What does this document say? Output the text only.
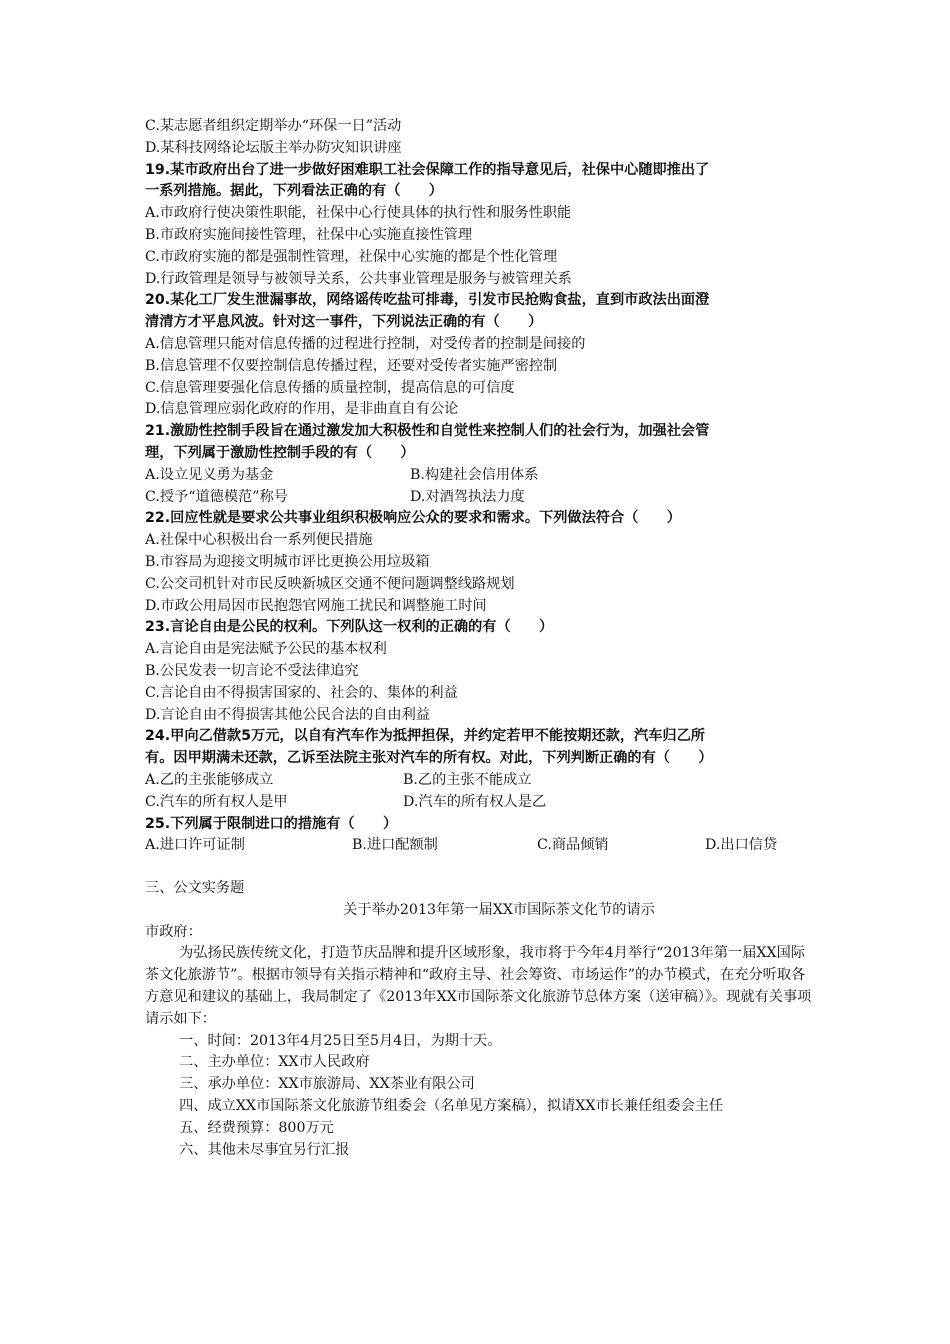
C.某志愿者组织定期举办“环保一日”活动
D.某科技网络论坛版主举办防灾知识讲座
19.某市政府出台了进一步做好困难职工社会保障工作的指导意见后，社保中心随即推出了
一系列措施。据此，下列看法正确的有（　　）
A.市政府行使决策性职能，社保中心行使具体的执行性和服务性职能
B.市政府实施间接性管理，社保中心实施直接性管理
C.市政府实施的都是强制性管理，社保中心实施的都是个性化管理
D.行政管理是领导与被领导关系，公共事业管理是服务与被管理关系
20.某化工厂发生泄漏事故，网络谣传吃盐可排毒，引发市民抢购食盐，直到市政法出面澄
清清方才平息风波。针对这一事件，下列说法正确的有（　　）
A.信息管理只能对信息传播的过程进行控制，对受传者的控制是间接的
B.信息管理不仅要控制信息传播过程，还要对受传者实施严密控制
C.信息管理要强化信息传播的质量控制，提高信息的可信度
D.信息管理应弱化政府的作用，是非曲直自有公论
21.激励性控制手段旨在通过激发加大积极性和自觉性来控制人们的社会行为，加强社会管
理，下列属于激励性控制手段的有（　　）
A.设立见义勇为基金	B.构建社会信用体系
C.授予“道德模范”称号	D.对酒驾执法力度
22.回应性就是要求公共事业组织积极响应公众的要求和需求。下列做法符合（　　）
A.社保中心积极出台一系列便民措施
B.市容局为迎接文明城市评比更换公用垃圾箱
C.公交司机针对市民反映新城区交通不便问题调整线路规划
D.市政公用局因市民抱怨官网施工扰民和调整施工时间
23.言论自由是公民的权利。下列队这一权利的正确的有（　　）
A.言论自由是宪法赋予公民的基本权利
B.公民发表一切言论不受法律追究
C.言论自由不得损害国家的、社会的、集体的利益
D.言论自由不得损害其他公民合法的自由利益
24.甲向乙借款5万元，以自有汽车作为抵押担保，并约定若甲不能按期还款，汽车归乙所
有。因甲期满未还款，乙诉至法院主张对汽车的所有权。对此，下列判断正确的有（　　）
A.乙的主张能够成立	B.乙的主张不能成立
C.汽车的所有权人是甲	D.汽车的所有权人是乙
25.下列属于限制进口的措施有（　　）
A.进口许可证制	B.进口配额制	C.商品倾销	D.出口信贷
三、公文实务题
关于举办2013年第一届XX市国际茶文化节的请示
市政府：
为弘扬民族传统文化，打造节庆品牌和提升区域形象，我市将于今年4月举行“2013年第一届XX国际茶文化旅游节”。根据市领导有关指示精神和“政府主导、社会筹资、市场运作”的办节模式，在充分听取各方意见和建议的基础上，我局制定了《2013年XX市国际茶文化旅游节总体方案（送审稿）》。现就有关事项请示如下：
一、时间：2013年4月25日至5月4日，为期十天。
二、主办单位：XX市人民政府
三、承办单位：XX市旅游局、XX茶业有限公司
四、成立XX市国际茶文化旅游节组委会（名单见方案稿），拟请XX市长兼任组委会主任
五、经费预算：800万元
六、其他未尽事宜另行汇报
